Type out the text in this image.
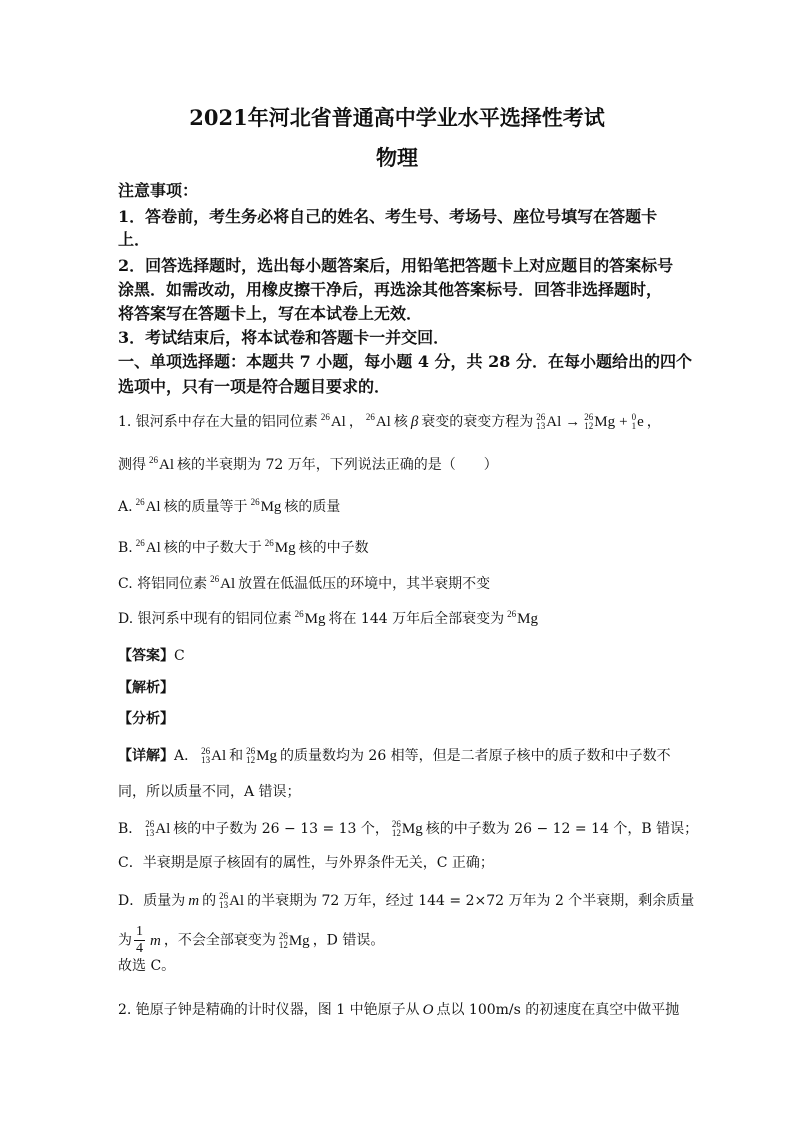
2021年河北省普通高中学业水平选择性考试
物理
注意事项：
1．答卷前，考生务必将自己的姓名、考生号、考场号、座位号填写在答题卡
上．
2．回答选择题时，选出每小题答案后，用铅笔把答题卡上对应题目的答案标号
涂黑．如需改动，用橡皮擦干净后，再选涂其他答案标号．回答非选择题时，
将答案写在答题卡上，写在本试卷上无效．
3．考试结束后，将本试卷和答题卡一并交回．
一、单项选择题：本题共 7 小题，每小题 4 分，共 28 分．在每小题给出的四个
选项中，只有一项是符合题目要求的．
1. 银河系中存在大量的铝同位素 26 Al ， 26 Al 核 β 衰变的衰变方程为 26
13 Al → 26
12 Mg + 0
1 e ，
测得 26 Al 核的半衰期为 72 万年，下列说法正确的是（　　）
A. 26 Al 核的质量等于 26 Mg 核的质量
B. 26 Al 核的中子数大于 26 Mg 核的中子数
C. 将铝同位素 26 Al 放置在低温低压的环境中，其半衰期不变
D. 银河系中现有的铝同位素 26 Mg 将在 144 万年后全部衰变为 26 Mg
【答案】C
【解析】
【分析】
【详解】A． 26
13 Al 和 26
12 Mg 的质量数均为 26 相等，但是二者原子核中的质子数和中子数不
同，所以质量不同，A 错误；
B． 26
13 Al 核的中子数为 26 − 13 = 13 个， 26
12 Mg 核的中子数为 26 − 12 = 14 个，B 错误；
C．半衰期是原子核固有的属性，与外界条件无关，C 正确；
D．质量为 m 的 26
13 Al 的半衰期为 72 万年，经过 144 = 2×72 万年为 2 个半衰期，剩余质量
为 $\frac{1}{4}$ m ，不会全部衰变为 26
12 Mg ，D 错误。
故选 C。
2. 铯原子钟是精确的计时仪器，图 1 中铯原子从 O 点以 100m/s 的初速度在真空中做平抛
